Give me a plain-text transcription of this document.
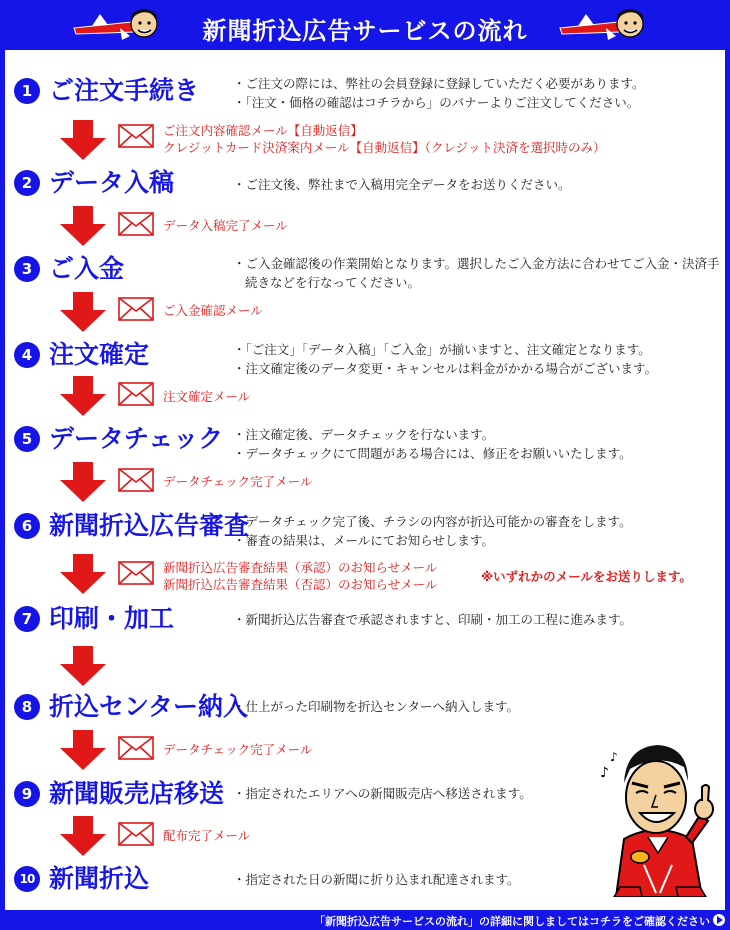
新聞折込広告サービスの流れ
1 ご注文手続き	・ご注文の際には、弊社の会員登録に登録していただく必要があります。
・「注文・価格の確認はコチラから」のバナーよりご注文してください。
ご注文内容確認メール【自動返信】
クレジットカード決済案内メール【自動返信】（クレジット決済を選択時のみ）
2 データ入稿	・ご注文後、弊社まで入稿用完全データをお送りください。
データ入稿完了メール
3 ご入金	・ご入金確認後の作業開始となります。選択したご入金方法に合わせてご入金・決済手続きなどを行なってください。
ご入金確認メール
4 注文確定	・「ご注文」「データ入稿」「ご入金」が揃いますと、注文確定となります。
・注文確定後のデータ変更・キャンセルは料金がかかる場合がございます。
注文確定メール
5 データチェック ・注文確定後、データチェックを行ないます。
・データチェックにて問題がある場合には、修正をお願いいたします。
データチェック完了メール
6 新聞折込広告審査
・データチェック完了後、チラシの内容が折込可能かの審査をします。
・審査の結果は、メールにてお知らせします。
新聞折込広告審査結果（承認）のお知らせメール
新聞折込広告審査結果（否認）のお知らせメール
※いずれかのメールをお送りします。
7 印刷・加工	・新聞折込広告審査で承認されますと、印刷・加工の工程に進みます。
8 折込センター納入
・仕上がった印刷物を折込センターへ納入します。
データチェック完了メール
9 新聞販売店移送 ・指定されたエリアへの新聞販売店へ移送されます。
配布完了メール
10 新聞折込	・指定された日の新聞に折り込まれ配達されます。
♪
♪
「新聞折込広告サービスの流れ」の詳細に関しましてはコチラをご確認ください
